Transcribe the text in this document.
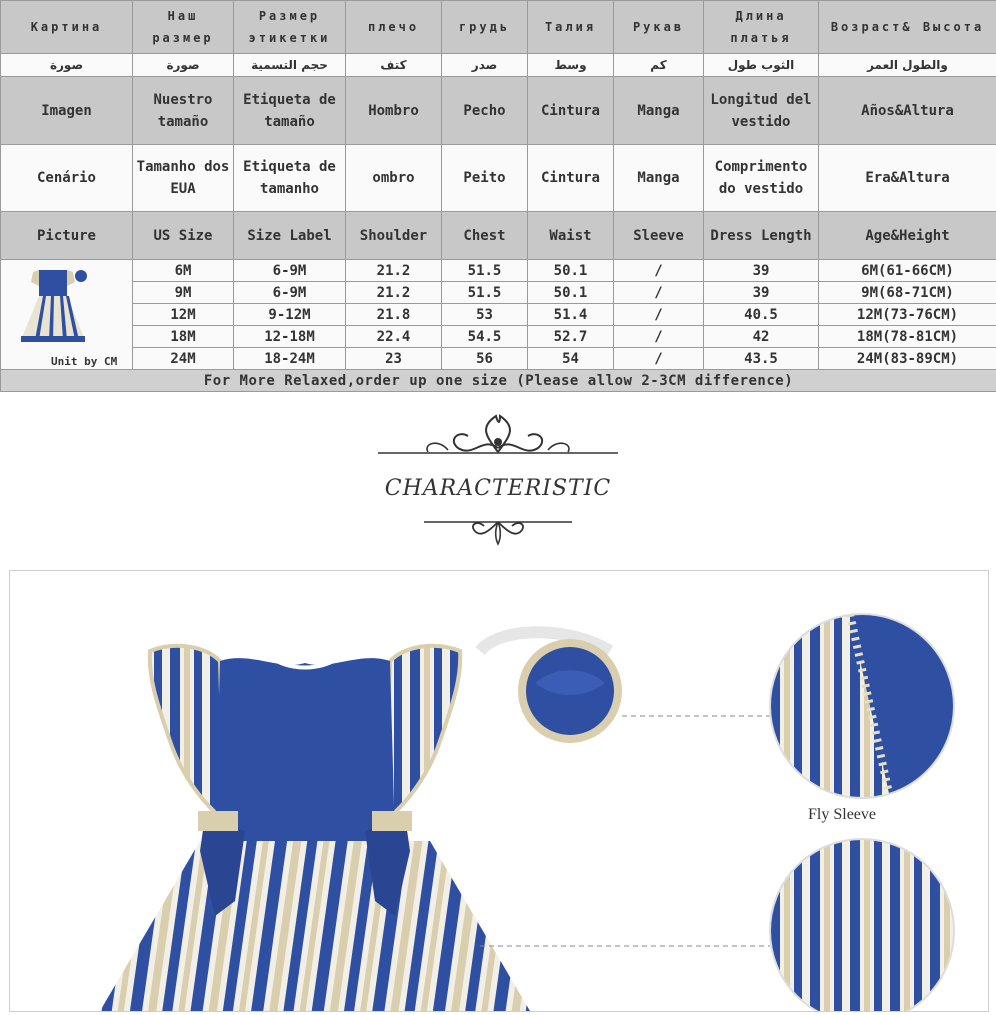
Картина	Наш размер	Размер этикетки	плечо	грудь	Талия	Рукав	Длина платья	Возраст& Высота
صورة	صورة	حجم التسمية	كتف	صدر	وسط	كم	الثوب طول	والطول العمر
Imagen	Nuestro tamaño	Etiqueta de tamaño	Hombro	Pecho	Cintura	Manga	Longitud del vestido	Años&Altura
Cenário	Tamanho dos EUA	Etiqueta de tamanho	ombro	Peito	Cintura	Manga	Comprimento do vestido	Era&Altura
Picture	US Size	Size Label	Shoulder	Chest	Waist	Sleeve	Dress Length	Age&Height

Unit by CM	6M	6-9M	21.2	51.5	50.1	/	39	6M(61-66CM)
	9M	6-9M	21.2	51.5	50.1	/	39	9M(68-71CM)
	12M	9-12M	21.8	53	51.4	/	40.5	12M(73-76CM)
	18M	12-18M	22.4	54.5	52.7	/	42	18M(78-81CM)
	24M	18-24M	23	56	54	/	43.5	24M(83-89CM)
For More Relaxed,order up one size (Please allow 2-3CM difference)								
CHARACTERISTIC
Fly Sleeve
